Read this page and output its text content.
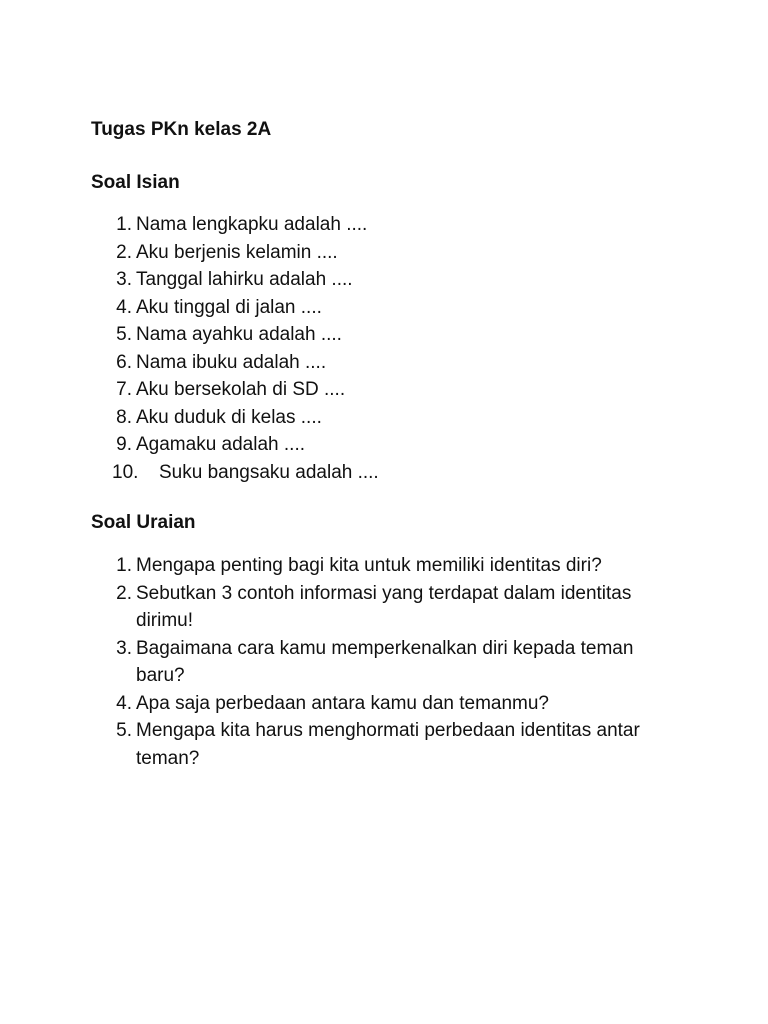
Tugas PKn kelas 2A
Soal Isian
1. Nama lengkapku adalah ....
2. Aku berjenis kelamin ....
3. Tanggal lahirku adalah ....
4. Aku tinggal di jalan ....
5. Nama ayahku adalah ....
6. Nama ibuku adalah ....
7. Aku bersekolah di SD ....
8. Aku duduk di kelas ....
9. Agamaku adalah ....
10.	Suku bangsaku adalah ....
Soal Uraian
1. Mengapa penting bagi kita untuk memiliki identitas diri?
2. Sebutkan 3 contoh informasi yang terdapat dalam identitas dirimu!
3. Bagaimana cara kamu memperkenalkan diri kepada teman baru?
4. Apa saja perbedaan antara kamu dan temanmu?
5. Mengapa kita harus menghormati perbedaan identitas antar teman?
